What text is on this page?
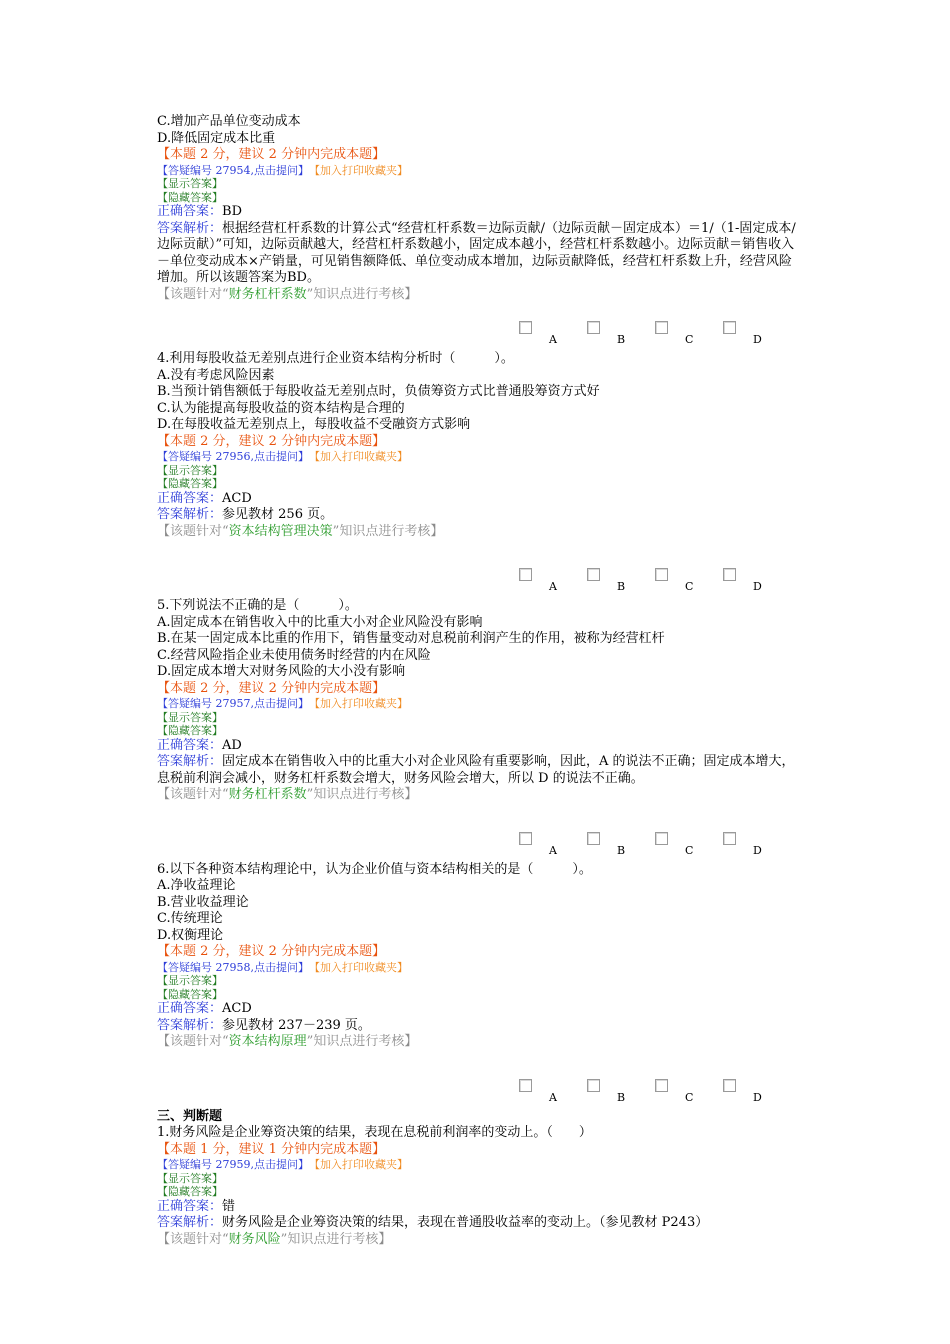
C.增加产品单位变动成本
D.降低固定成本比重
【本题 2 分，建议 2 分钟内完成本题】
【答疑编号 27954,点击提问】　 【加入打印收藏夹】
【显示答案】
【隐藏答案】
正确答案：BD
答案解析：根据经营杠杆系数的计算公式“经营杠杆系数＝边际贡献/（边际贡献－固定成本）＝1/（1-固定成本/边际贡献）”可知，边际贡献越大，经营杠杆系数越小，固定成本越小，经营杠杆系数越小。边际贡献＝销售收入－单位变动成本×产销量，可见销售额降低、单位变动成本增加，边际贡献降低，经营杠杆系数上升，经营风险增加。所以该题答案为BD。
【该题针对“财务杠杆系数”知识点进行考核】
A	B	C	D
4.利用每股收益无差别点进行企业资本结构分析时（　　　）。
A.没有考虑风险因素
B.当预计销售额低于每股收益无差别点时，负债筹资方式比普通股筹资方式好
C.认为能提高每股收益的资本结构是合理的
D.在每股收益无差别点上，每股收益不受融资方式影响
【本题 2 分，建议 2 分钟内完成本题】
【答疑编号 27956,点击提问】　 【加入打印收藏夹】
【显示答案】
【隐藏答案】
正确答案：ACD
答案解析：参见教材 256 页。
【该题针对“资本结构管理决策”知识点进行考核】
A	B	C	D
5.下列说法不正确的是（　　　）。
A.固定成本在销售收入中的比重大小对企业风险没有影响
B.在某一固定成本比重的作用下，销售量变动对息税前利润产生的作用，被称为经营杠杆
C.经营风险指企业未使用债务时经营的内在风险
D.固定成本增大对财务风险的大小没有影响
【本题 2 分，建议 2 分钟内完成本题】
【答疑编号 27957,点击提问】　 【加入打印收藏夹】
【显示答案】
【隐藏答案】
正确答案：AD
答案解析：固定成本在销售收入中的比重大小对企业风险有重要影响，因此，A 的说法不正确；固定成本增大，息税前利润会减小，财务杠杆系数会增大，财务风险会增大，所以 D 的说法不正确。
【该题针对“财务杠杆系数”知识点进行考核】
A	B	C	D
6.以下各种资本结构理论中，认为企业价值与资本结构相关的是（　　　）。
A.净收益理论
B.营业收益理论
C.传统理论
D.权衡理论
【本题 2 分，建议 2 分钟内完成本题】
【答疑编号 27958,点击提问】　 【加入打印收藏夹】
【显示答案】
【隐藏答案】
正确答案：ACD
答案解析：参见教材 237－239 页。
【该题针对“资本结构原理”知识点进行考核】
A	B	C	D
三、判断题
1.财务风险是企业筹资决策的结果，表现在息税前利润率的变动上。（　　）
【本题 1 分，建议 1 分钟内完成本题】
【答疑编号 27959,点击提问】　 【加入打印收藏夹】
【显示答案】
【隐藏答案】
正确答案：错
答案解析：财务风险是企业筹资决策的结果，表现在普通股收益率的变动上。（参见教材 P243）
【该题针对“财务风险”知识点进行考核】
